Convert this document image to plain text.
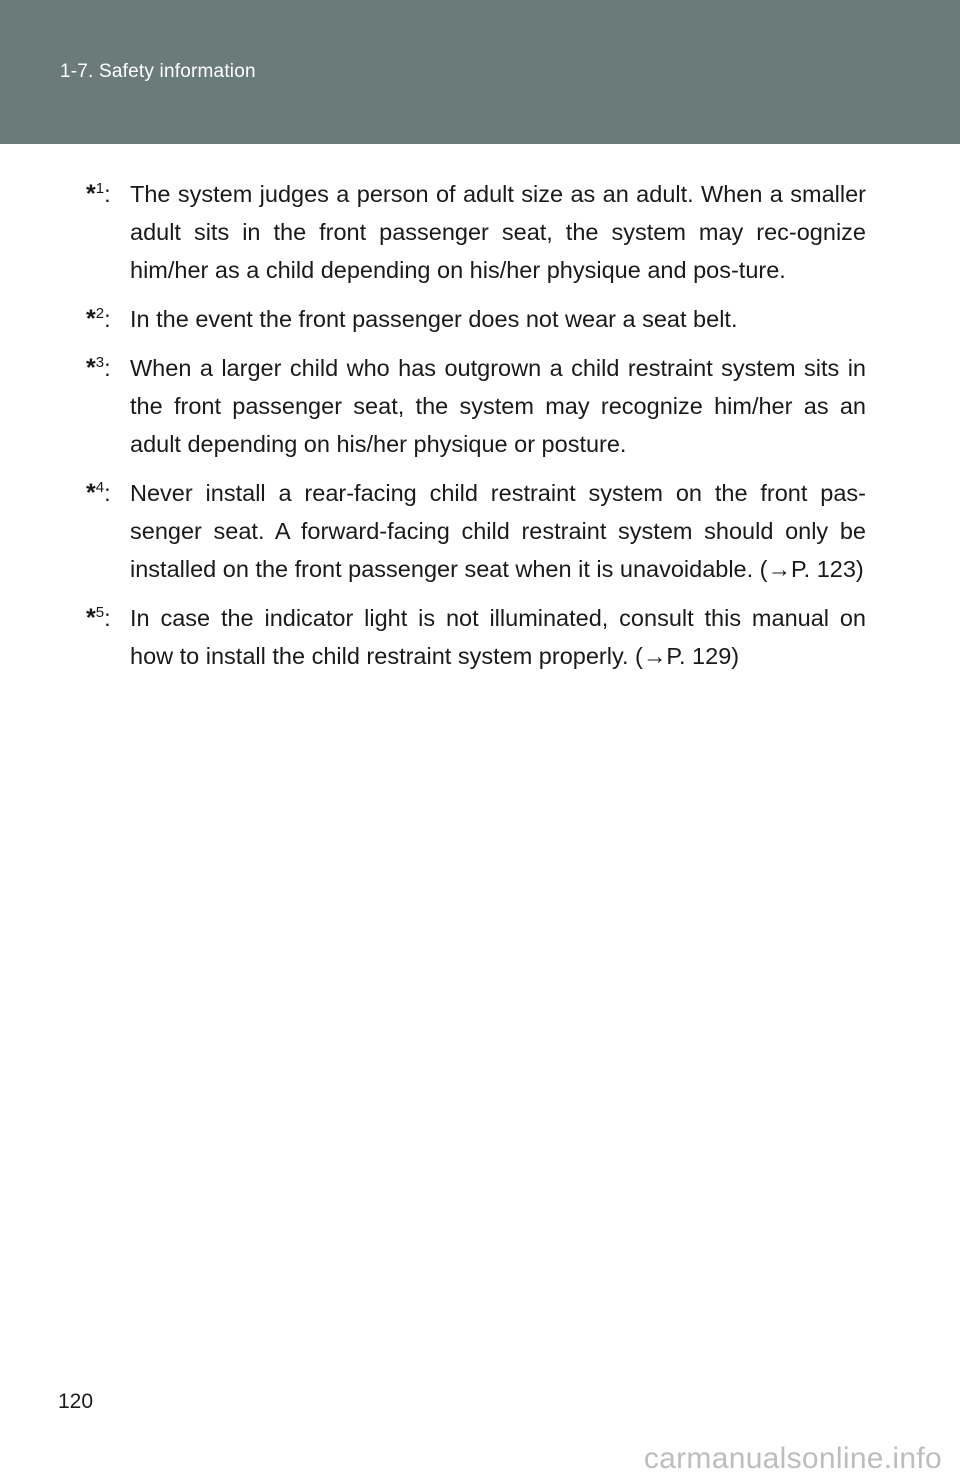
1-7. Safety information
*$^1$: The system judges a person of adult size as an adult. When a smaller adult sits in the front passenger seat, the system may rec-ognize him/her as a child depending on his/her physique and pos-ture.
*$^2$: In the event the front passenger does not wear a seat belt.
*$^3$: When a larger child who has outgrown a child restraint system sits in the front passenger seat, the system may recognize him/her as an adult depending on his/her physique or posture.
*$^4$: Never install a rear-facing child restraint system on the front pas-senger seat. A forward-facing child restraint system should only be installed on the front passenger seat when it is unavoidable. (→P. 123)
*$^5$: In case the indicator light is not illuminated, consult this manual on how to install the child restraint system properly. (→P. 129)
120
carmanualsonline.info
